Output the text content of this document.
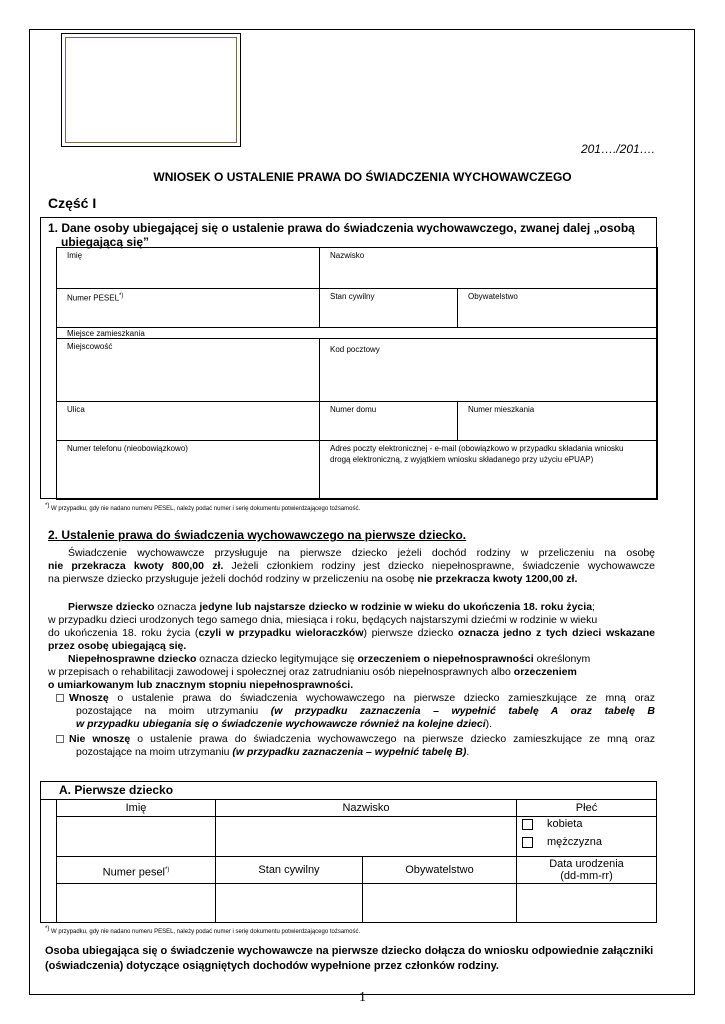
201…./201….
WNIOSEK O USTALENIE PRAWA DO ŚWIADCZENIA WYCHOWAWCZEGO
Część I
1. Dane osoby ubiegającej się o ustalenie prawa do świadczenia wychowawczego, zwanej dalej „osobą
ubiegającą się”
Imię	Nazwisko
Numer PESEL*)	Stan cywilny	Obywatelstwo
Miejsce zamieszkania
Miejscowość	Kod pocztowy
Ulica	Numer domu	Numer mieszkania
Numer telefonu (nieobowiązkowo)	Adres poczty elektronicznej - e-mail (obowiązkowo w przypadku składania wniosku
drogą elektroniczną, z wyjątkiem wniosku składanego przy użyciu ePUAP)
*) W przypadku, gdy nie nadano numeru PESEL, należy podać numer i serię dokumentu potwierdzającego tożsamość.
2. Ustalenie prawa do świadczenia wychowawczego na pierwsze dziecko.
Świadczenie wychowawcze przysługuje na pierwsze dziecko jeżeli dochód rodziny w przeliczeniu na osobę
nie przekracza kwoty 800,00 zł. Jeżeli członkiem rodziny jest dziecko niepełnosprawne, świadczenie wychowawcze
na pierwsze dziecko przysługuje jeżeli dochód rodziny w przeliczeniu na osobę nie przekracza kwoty 1200,00 zł.
Pierwsze dziecko oznacza jedyne lub najstarsze dziecko w rodzinie w wieku do ukończenia 18. roku życia;
w przypadku dzieci urodzonych tego samego dnia, miesiąca i roku, będących najstarszymi dziećmi w rodzinie w wieku
do ukończenia 18. roku życia (czyli w przypadku wieloraczków) pierwsze dziecko oznacza jedno z tych dzieci wskazane
przez osobę ubiegającą się.
Niepełnosprawne dziecko oznacza dziecko legitymujące się orzeczeniem o niepełnosprawności określonym
w przepisach o rehabilitacji zawodowej i społecznej oraz zatrudnianiu osób niepełnosprawnych albo orzeczeniem
o umiarkowanym lub znacznym stopniu niepełnosprawności.
Wnoszę o ustalenie prawa do świadczenia wychowawczego na pierwsze dziecko zamieszkujące ze mną oraz
pozostające na moim utrzymaniu (w przypadku zaznaczenia – wypełnić tabelę A oraz tabelę B
w przypadku ubiegania się o świadczenie wychowawcze również na kolejne dzieci).
Nie wnoszę o ustalenie prawa do świadczenia wychowawczego na pierwsze dziecko zamieszkujące ze mną oraz
pozostające na moim utrzymaniu (w przypadku zaznaczenia – wypełnić tabelę B).
A. Pierwsze dziecko
Imię	Nazwisko	Płeć
kobieta
mężczyzna
Numer pesel*)	Stan cywilny	Obywatelstwo	Data urodzenia
(dd-mm-rr)
*) W przypadku, gdy nie nadano numeru PESEL, należy podać numer i serię dokumentu potwierdzającego tożsamość.
Osoba ubiegająca się o świadczenie wychowawcze na pierwsze dziecko dołącza do wniosku odpowiednie załączniki
(oświadczenia) dotyczące osiągniętych dochodów wypełnione przez członków rodziny.
1
